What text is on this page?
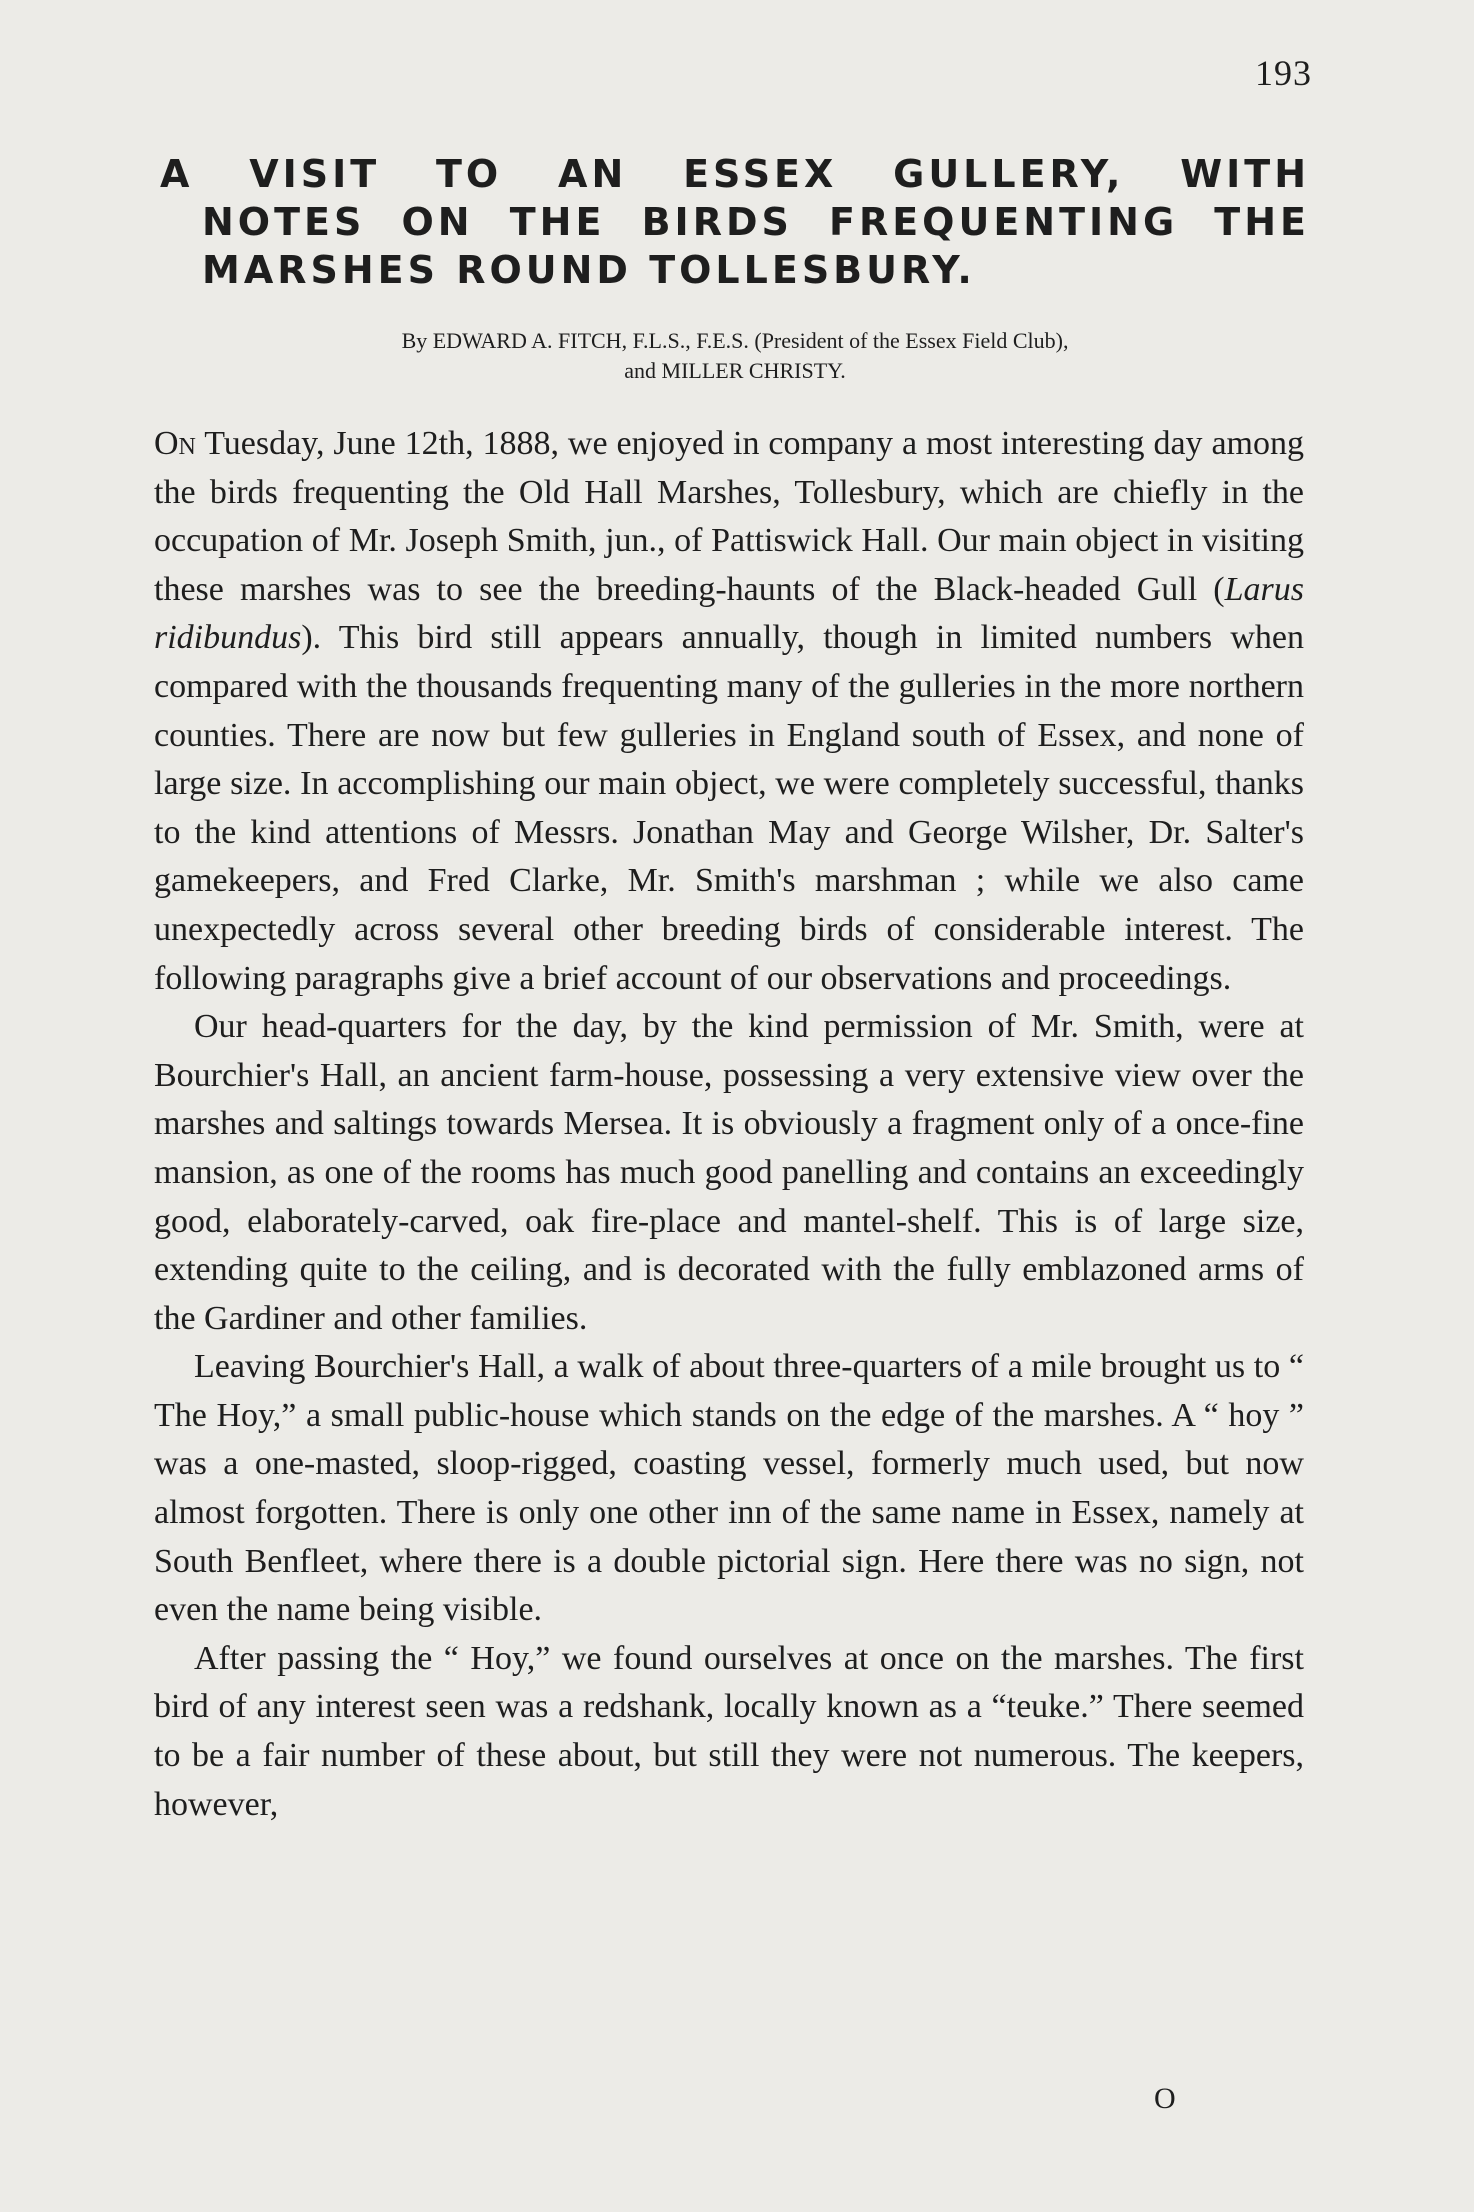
193
A VISIT TO AN ESSEX GULLERY, WITH
NOTES ON THE BIRDS FREQUENTING THE
MARSHES ROUND TOLLESBURY.
By EDWARD A. FITCH, F.L.S., F.E.S. (President of the Essex Field Club),
and MILLER CHRISTY.

On Tuesday, June 12th, 1888, we enjoyed in company a most interesting day among the birds frequenting the Old Hall Marshes, Tollesbury, which are chiefly in the occupation of Mr. Joseph Smith, jun., of Pattiswick Hall. Our main object in visiting these marshes was to see the breeding-haunts of the Black-headed Gull (Larus ridibundus). This bird still appears annually, though in limited numbers when compared with the thousands frequenting many of the gulleries in the more northern counties. There are now but few gulleries in England south of Essex, and none of large size. In accomplishing our main object, we were completely successful, thanks to the kind attentions of Messrs. Jonathan May and George Wilsher, Dr. Salter's gamekeepers, and Fred Clarke, Mr. Smith's marshman ; while we also came unexpectedly across several other breeding birds of considerable interest. The following paragraphs give a brief account of our observations and proceedings.

Our head-quarters for the day, by the kind permission of Mr. Smith, were at Bourchier's Hall, an ancient farm-house, possessing a very extensive view over the marshes and saltings towards Mersea. It is obviously a fragment only of a once-fine mansion, as one of the rooms has much good panelling and contains an exceedingly good, elaborately-carved, oak fire-place and mantel-shelf. This is of large size, extending quite to the ceiling, and is decorated with the fully emblazoned arms of the Gardiner and other families.

Leaving Bourchier's Hall, a walk of about three-quarters of a mile brought us to “ The Hoy,” a small public-house which stands on the edge of the marshes. A “ hoy ” was a one-masted, sloop-rigged, coasting vessel, formerly much used, but now almost forgotten. There is only one other inn of the same name in Essex, namely at South Benfleet, where there is a double pictorial sign. Here there was no sign, not even the name being visible.

After passing the “ Hoy,” we found ourselves at once on the marshes. The first bird of any interest seen was a redshank, locally known as a “teuke.” There seemed to be a fair number of these about, but still they were not numerous. The keepers, however,

O
